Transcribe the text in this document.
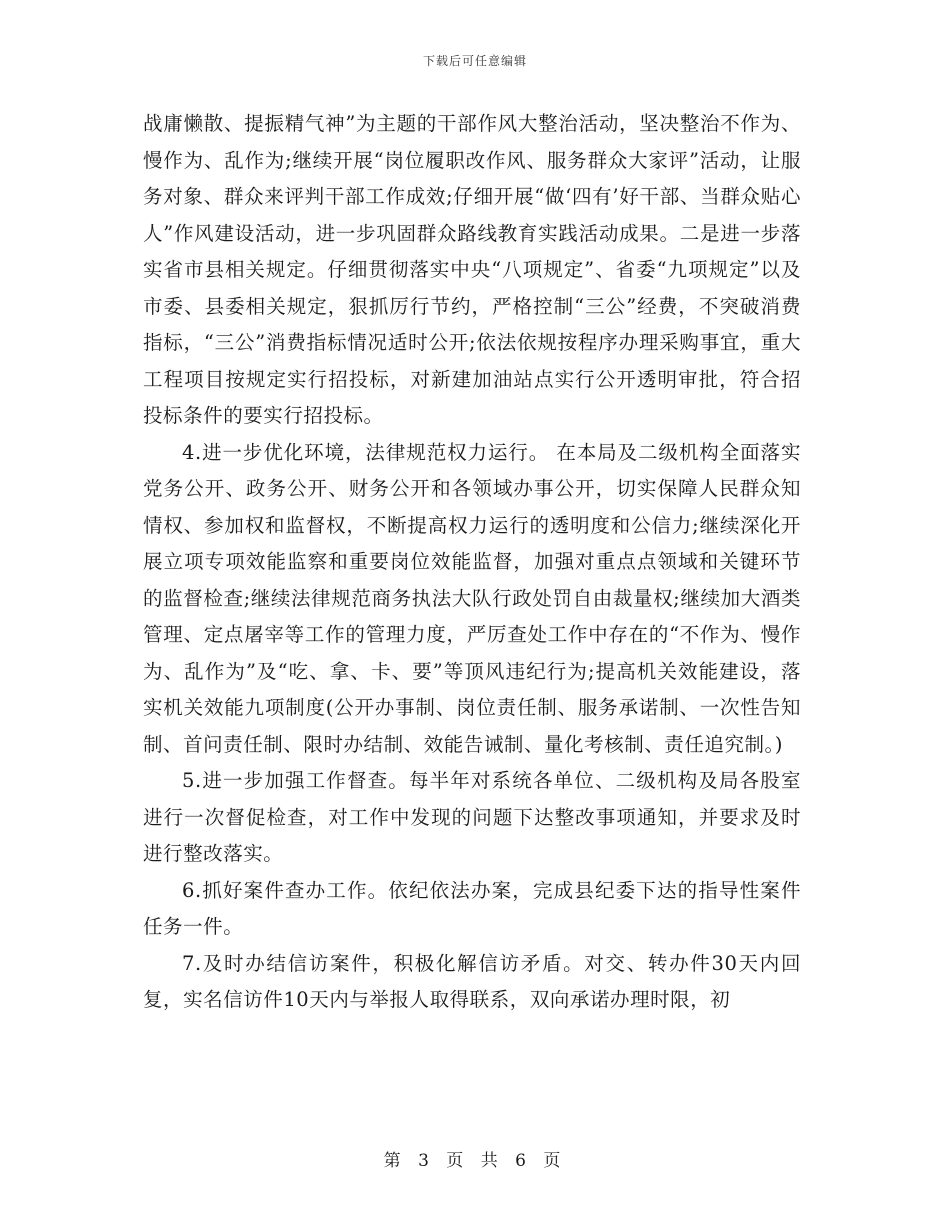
下载后可任意编辑

战庸懒散、提振精气神”为主题的干部作风大整治活动，坚决整治不作为、慢作为、乱作为;继续开展“岗位履职改作风、服务群众大家评”活动，让服务对象、群众来评判干部工作成效;仔细开展“做‘四有’好干部、当群众贴心人”作风建设活动，进一步巩固群众路线教育实践活动成果。二是进一步落实省市县相关规定。仔细贯彻落实中央“八项规定”、省委“九项规定”以及市委、县委相关规定，狠抓厉行节约，严格控制“三公”经费，不突破消费指标，“三公”消费指标情况适时公开;依法依规按程序办理采购事宜，重大工程项目按规定实行招投标，对新建加油站点实行公开透明审批，符合招投标条件的要实行招投标。

4.进一步优化环境，法律规范权力运行。 在本局及二级机构全面落实党务公开、政务公开、财务公开和各领域办事公开，切实保障人民群众知情权、参加权和监督权，不断提高权力运行的透明度和公信力;继续深化开展立项专项效能监察和重要岗位效能监督，加强对重点点领域和关键环节的监督检查;继续法律规范商务执法大队行政处罚自由裁量权;继续加大酒类管理、定点屠宰等工作的管理力度，严厉查处工作中存在的“不作为、慢作为、乱作为”及“吃、拿、卡、要”等顶风违纪行为;提高机关效能建设，落实机关效能九项制度(公开办事制、岗位责任制、服务承诺制、一次性告知制、首问责任制、限时办结制、效能告诫制、量化考核制、责任追究制。)

5.进一步加强工作督查。每半年对系统各单位、二级机构及局各股室进行一次督促检查，对工作中发现的问题下达整改事项通知，并要求及时进行整改落实。

6.抓好案件查办工作。依纪依法办案，完成县纪委下达的指导性案件任务一件。

7.及时办结信访案件，积极化解信访矛盾。对交、转办件30天内回复，实名信访件10天内与举报人取得联系，双向承诺办理时限，初

第 3 页 共 6 页
